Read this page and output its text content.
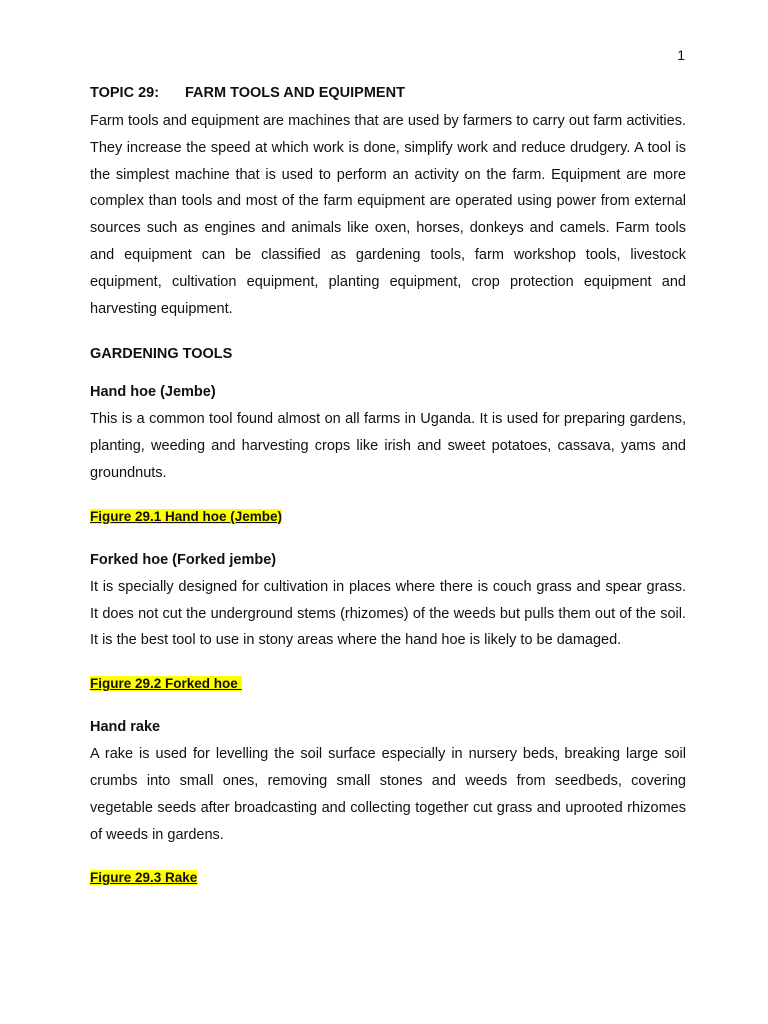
1
TOPIC 29:	FARM TOOLS AND EQUIPMENT

Farm tools and equipment are machines that are used by farmers to carry out farm activities. They increase the speed at which work is done, simplify work and reduce drudgery. A tool is the simplest machine that is used to perform an activity on the farm. Equipment are more complex than tools and most of the farm equipment are operated using power from external sources such as engines and animals like oxen, horses, donkeys and camels. Farm tools and equipment can be classified as gardening tools, farm workshop tools, livestock equipment, cultivation equipment, planting equipment, crop protection equipment and harvesting equipment.

GARDENING TOOLS
Hand hoe (Jembe)

This is a common tool found almost on all farms in Uganda. It is used for preparing gardens, planting, weeding and harvesting crops like irish and sweet potatoes, cassava, yams and groundnuts.

Figure 29.1 Hand hoe (Jembe)

Forked hoe (Forked jembe)

It is specially designed for cultivation in places where there is couch grass and spear grass. It does not cut the underground stems (rhizomes) of the weeds but pulls them out of the soil. It is the best tool to use in stony areas where the hand hoe is likely to be damaged.

Figure 29.2 Forked hoe

Hand rake

A rake is used for levelling the soil surface especially in nursery beds, breaking large soil crumbs into small ones, removing small stones and weeds from seedbeds, covering vegetable seeds after broadcasting and collecting together cut grass and uprooted rhizomes of weeds in gardens.

Figure 29.3 Rake
